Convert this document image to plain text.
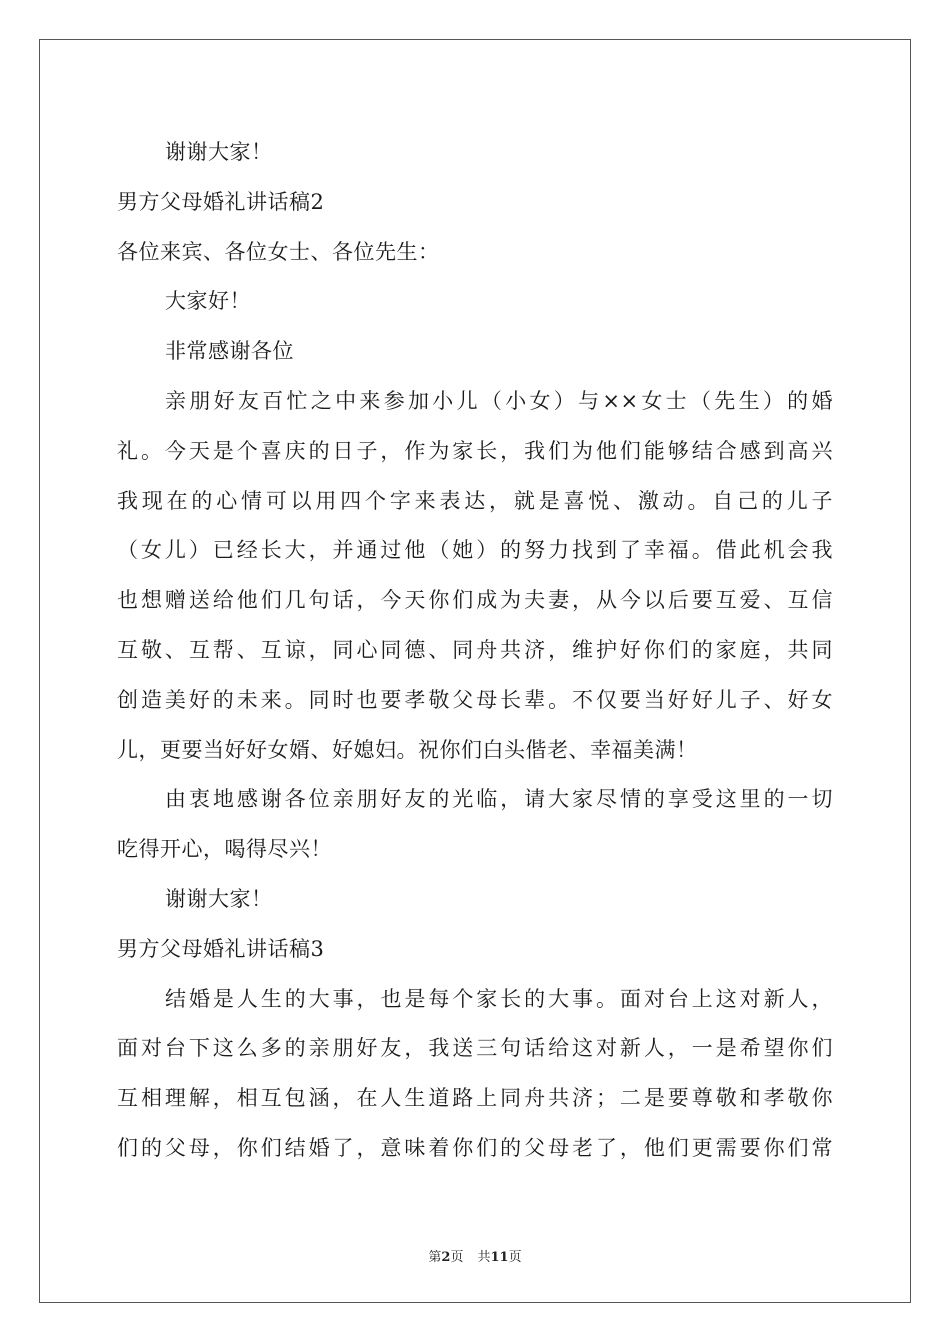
谢谢大家！
男方父母婚礼讲话稿2
各位来宾、各位女士、各位先生：
大家好！
非常感谢各位
亲朋好友百忙之中来参加小儿（小女）与××女士（先生）的婚
礼。今天是个喜庆的日子，作为家长，我们为他们能够结合感到高兴
我现在的心情可以用四个字来表达，就是喜悦、激动。自己的儿子
（女儿）已经长大，并通过他（她）的努力找到了幸福。借此机会我
也想赠送给他们几句话，今天你们成为夫妻，从今以后要互爱、互信
互敬、互帮、互谅，同心同德、同舟共济，维护好你们的家庭，共同
创造美好的未来。同时也要孝敬父母长辈。不仅要当好好儿子、好女
儿，更要当好好女婿、好媳妇。祝你们白头偕老、幸福美满！
由衷地感谢各位亲朋好友的光临，请大家尽情的享受这里的一切
吃得开心，喝得尽兴！
谢谢大家！
男方父母婚礼讲话稿3
结婚是人生的大事，也是每个家长的大事。面对台上这对新人，
面对台下这么多的亲朋好友，我送三句话给这对新人，一是希望你们
互相理解，相互包涵，在人生道路上同舟共济；二是要尊敬和孝敬你
们的父母，你们结婚了，意味着你们的父母老了，他们更需要你们常
第2页 共11页
